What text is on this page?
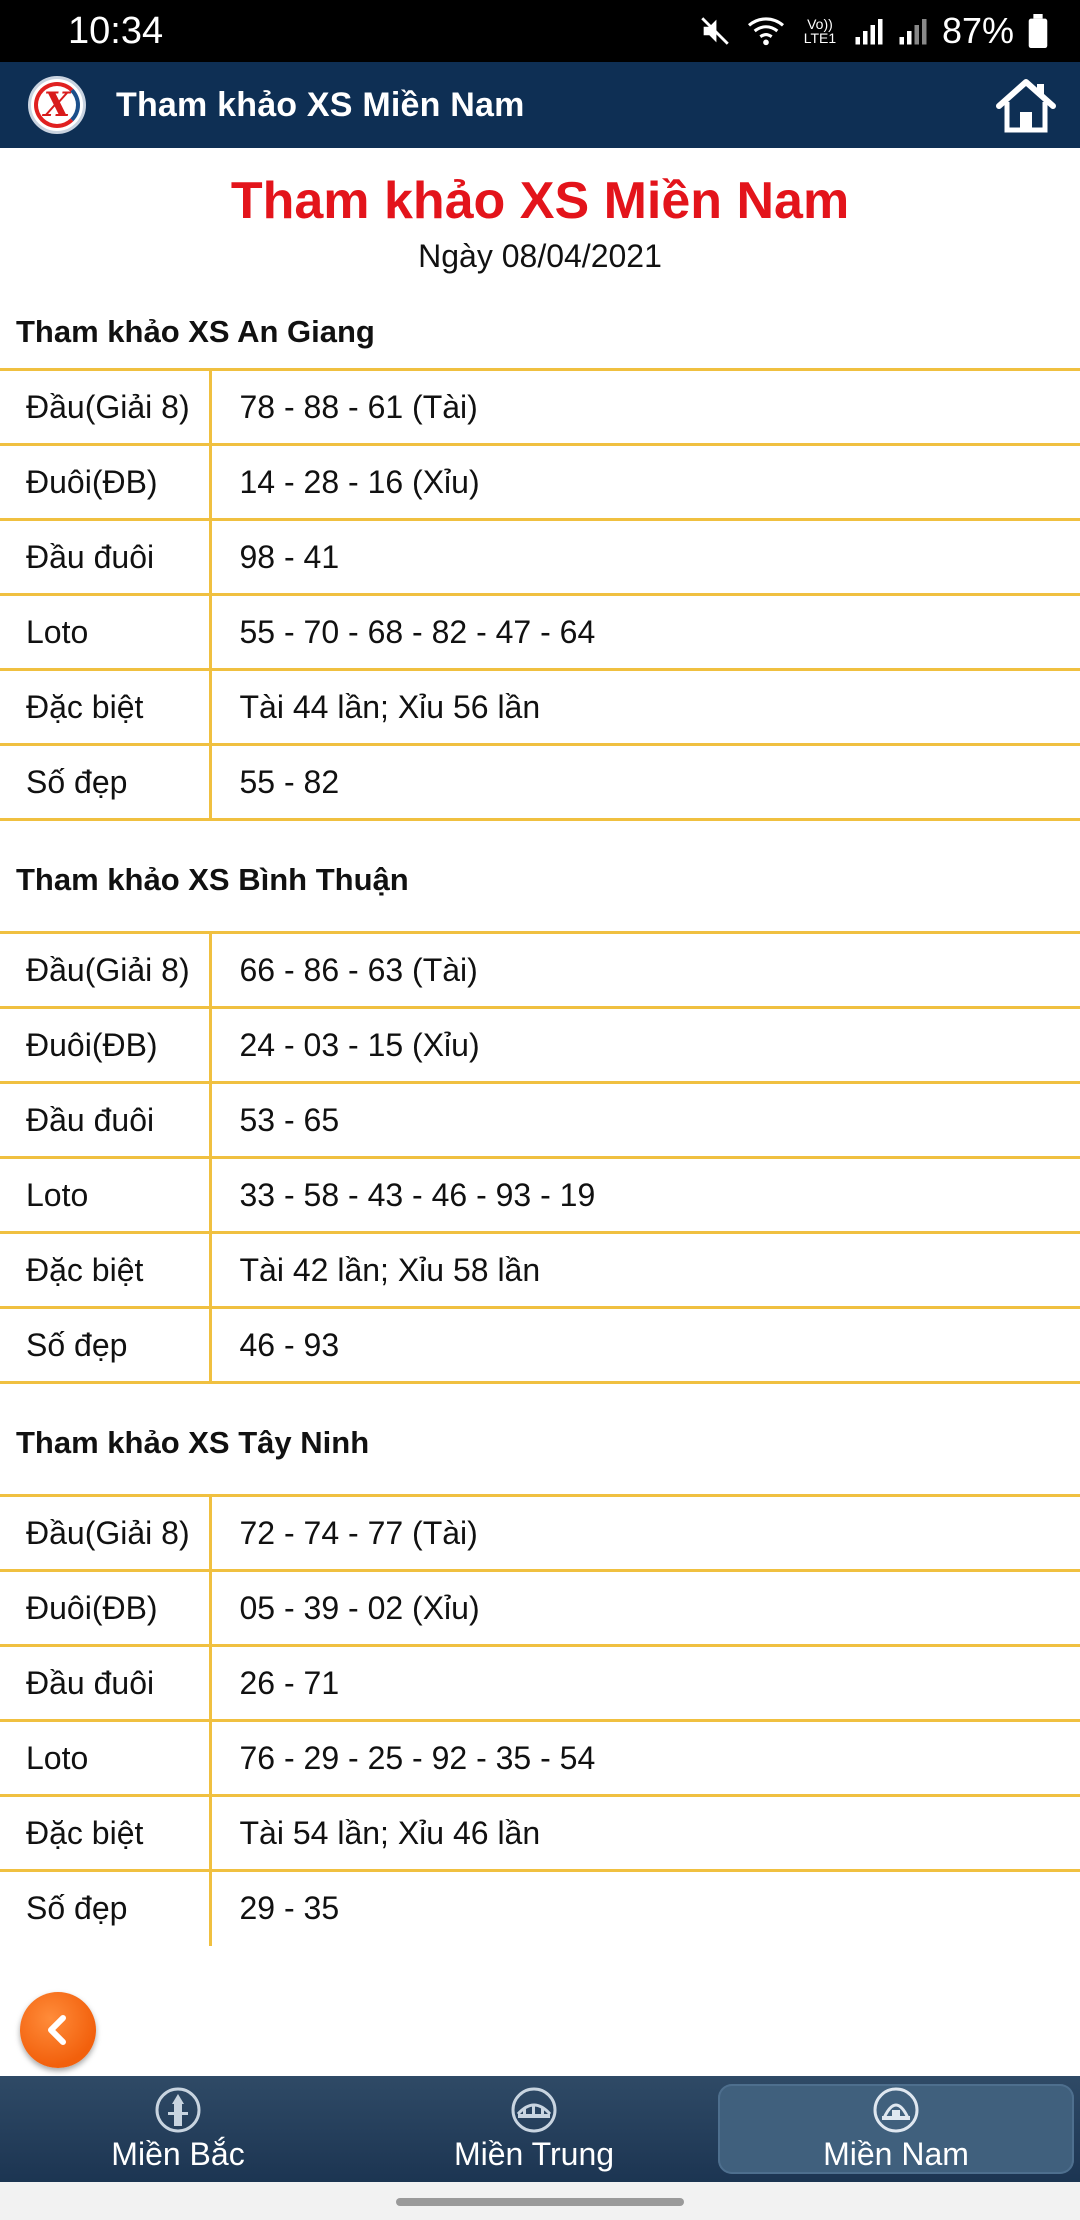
10:34	Vo)) LTE1	87%
X Tham khảo XS Miền Nam
Tham khảo XS Miền Nam
Ngày 08/04/2021
Tham khảo XS An Giang
Đầu(Giải 8)	78 - 88 - 61 (Tài)
Đuôi(ĐB)	14 - 28 - 16 (Xỉu)
Đầu đuôi	98 - 41
Loto	55 - 70 - 68 - 82 - 47 - 64
Đặc biệt	Tài 44 lần; Xỉu 56 lần
Số đẹp	55 - 82
Tham khảo XS Bình Thuận
Đầu(Giải 8)	66 - 86 - 63 (Tài)
Đuôi(ĐB)	24 - 03 - 15 (Xỉu)
Đầu đuôi	53 - 65
Loto	33 - 58 - 43 - 46 - 93 - 19
Đặc biệt	Tài 42 lần; Xỉu 58 lần
Số đẹp	46 - 93
Tham khảo XS Tây Ninh
Đầu(Giải 8)	72 - 74 - 77 (Tài)
Đuôi(ĐB)	05 - 39 - 02 (Xỉu)
Đầu đuôi	26 - 71
Loto	76 - 29 - 25 - 92 - 35 - 54
Đặc biệt	Tài 54 lần; Xỉu 46 lần
Số đẹp	29 - 35
Miền Bắc	Miền Trung	Miền Nam
